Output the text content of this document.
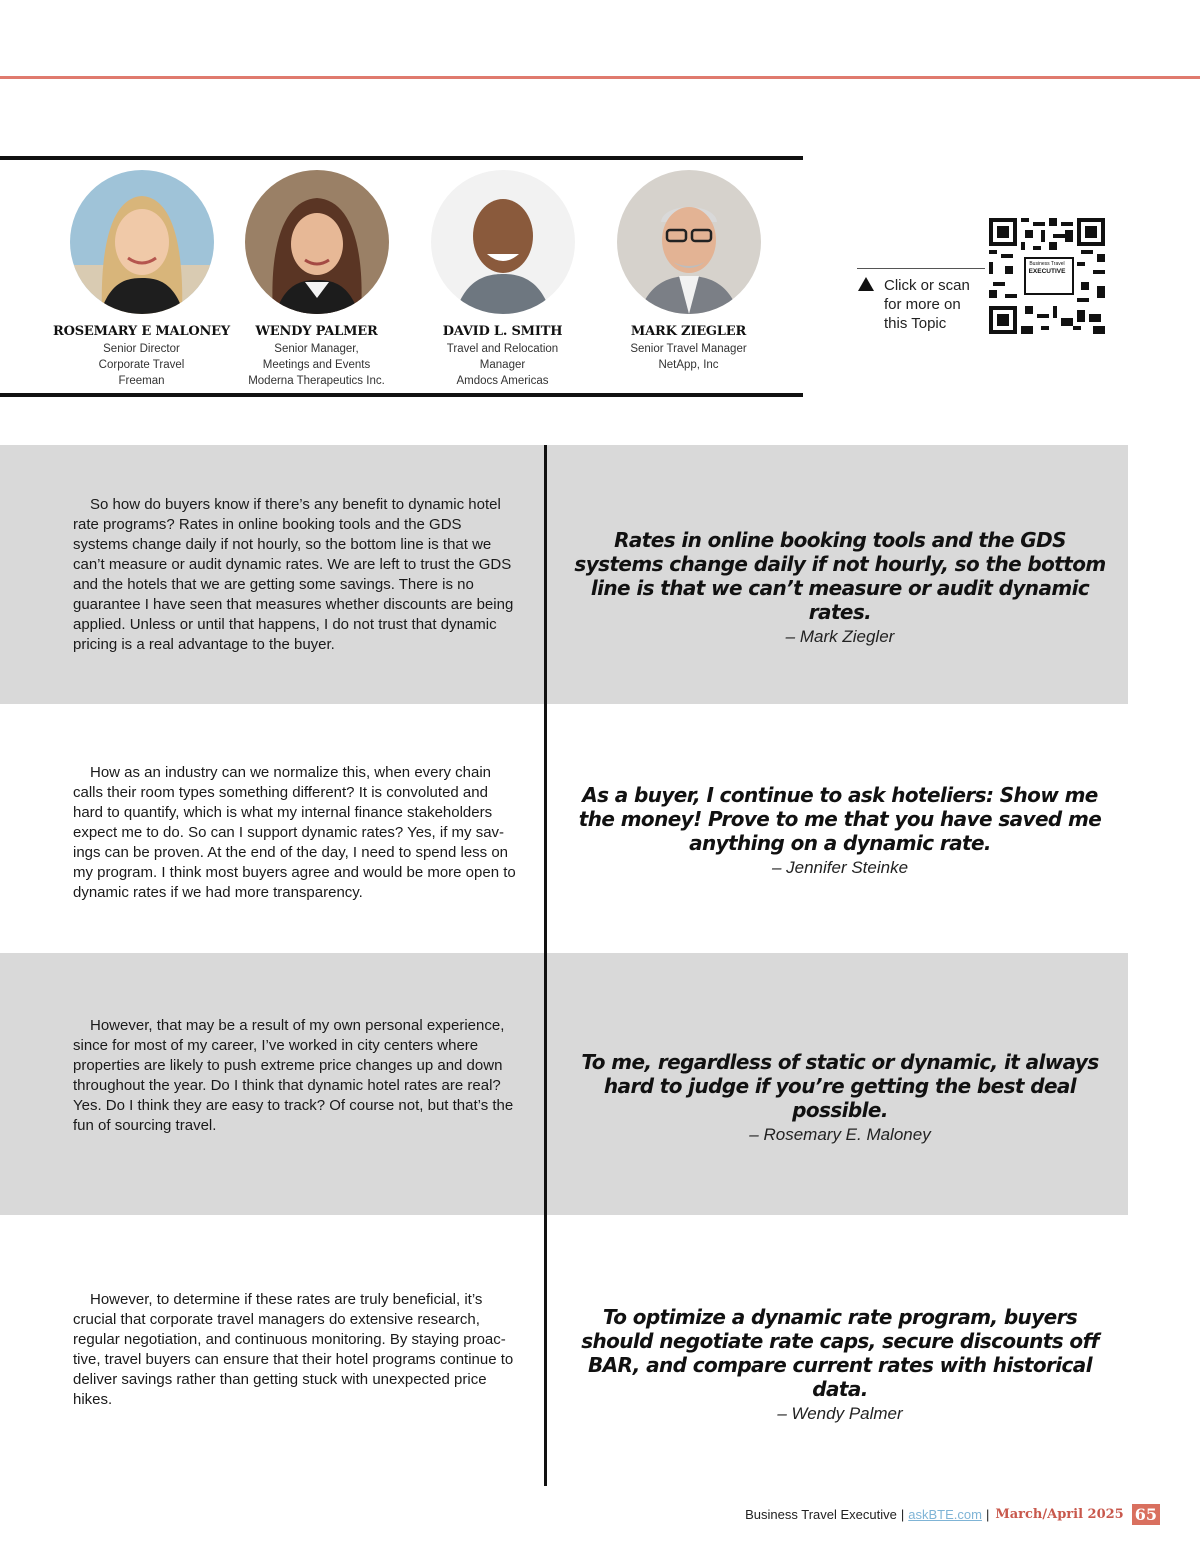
ROSEMARY E MALONEY
Senior Director
Corporate Travel
Freeman
WENDY PALMER
Senior Manager,
Meetings and Events
Moderna Therapeutics Inc.
DAVID L. SMITH
Travel and Relocation
Manager
Amdocs Americas
MARK ZIEGLER
Senior Travel Manager
NetApp, Inc
Click or scan
for more on
this Topic
Business Travel
EXECUTIVE

So how do buyers know if there’s any benefit to dynamic hotel rate programs? Rates in online booking tools and the GDS systems change daily if not hourly, so the bottom line is that we can’t measure or audit dynamic rates. We are left to trust the GDS and the hotels that we are getting some savings. There is no guarantee I have seen that measures whether discounts are being applied. Unless or until that happens, I do not trust that dynamic pricing is a real advantage to the buyer.

Rates in online booking tools and the GDS systems change daily if not hourly, so the bottom line is that we can’t measure or audit dynamic rates.
– Mark Ziegler

How as an industry can we normalize this, when every chain calls their room types something different? It is convoluted and hard to quantify, which is what my internal finance stakeholders expect me to do. So can I support dynamic rates? Yes, if my sav-ings can be proven. At the end of the day, I need to spend less on my program. I think most buyers agree and would be more open to dynamic rates if we had more transparency.

As a buyer, I continue to ask hoteliers: Show me the money! Prove to me that you have saved me anything on a dynamic rate.
– Jennifer Steinke

However, that may be a result of my own personal experience, since for most of my career, I’ve worked in city centers where properties are likely to push extreme price changes up and down throughout the year. Do I think that dynamic hotel rates are real? Yes. Do I think they are easy to track? Of course not, but that’s the fun of sourcing travel.

To me, regardless of static or dynamic, it always hard to judge if you’re getting the best deal possible.
– Rosemary E. Maloney

However, to determine if these rates are truly beneficial, it’s crucial that corporate travel managers do extensive research, regular negotiation, and continuous monitoring. By staying proac-tive, travel buyers can ensure that their hotel programs continue to deliver savings rather than getting stuck with unexpected price hikes.

To optimize a dynamic rate program, buyers should negotiate rate caps, secure discounts off BAR, and compare current rates with historical data.
– Wendy Palmer
Business Travel Executive | askBTE.com | March/April 2025 65
